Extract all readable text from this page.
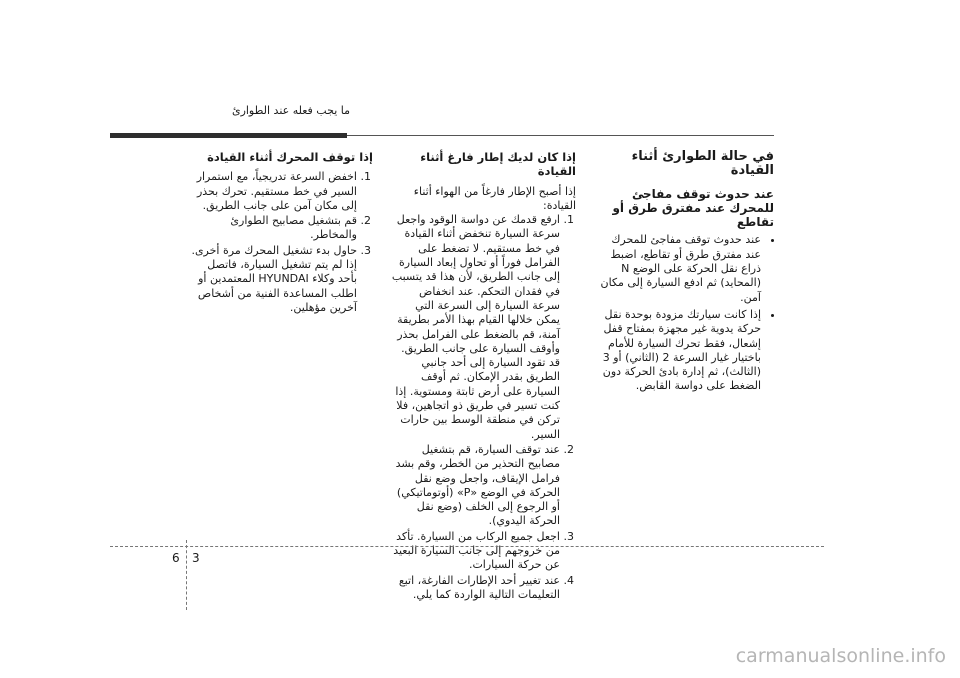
ما يجب فعله عند الطوارئ
في حالة الطوارئ أثناء القيادة
عند حدوث توقف مفاجئ للمحرك عند مفترق طرق أو تقاطع
• عند حدوث توقف مفاجئ للمحرك عند مفترق طرق أو تقاطع، اضبط ذراع نقل الحركة على الوضع N (المحايد) ثم ادفع السيارة إلى مكان آمن.
• إذا كانت سيارتك مزودة بوحدة نقل حركة يدوية غير مجهزة بمفتاح قفل إشعال، فقط تحرك السيارة للأمام باختيار غيار السرعة 2 (الثاني) أو 3 (الثالث)، ثم إدارة بادئ الحركة دون الضغط على دواسة القابض.
إذا كان لديك إطار فارغ أثناء القيادة

إذا أصبح الإطار فارغاً من الهواء أثناء القيادة:

1. ارفع قدمك عن دواسة الوقود واجعل سرعة السيارة تنخفض أثناء القيادة في خط مستقيم. لا تضغط على الفرامل فوراً أو تحاول إبعاد السيارة إلى جانب الطريق، لأن هذا قد يتسبب في فقدان التحكم. عند انخفاض سرعة السيارة إلى السرعة التي يمكن خلالها القيام بهذا الأمر بطريقة آمنة، قم بالضغط على الفرامل بحذر وأوقف السيارة على جانب الطريق. قد تقود السيارة إلى أحد جانبي الطريق بقدر الإمكان. ثم أوقف السيارة على أرض ثابتة ومستوية. إذا كنت تسير في طريق ذو اتجاهين، فلا تركن في منطقة الوسط بين حارات السير.
2. عند توقف السيارة، قم بتشغيل مصابيح التحذير من الخطر، وقم بشد فرامل الإيقاف، واجعل وضع نقل الحركة في الوضع «P» (أوتوماتيكي) أو الرجوع إلى الخلف (وضع نقل الحركة اليدوي).
3. اجعل جميع الركاب من السيارة. تأكد من خروجهم إلى جانب السيارة البعيد عن حركة السيارات.
4. عند تغيير أحد الإطارات الفارغة، اتبع التعليمات التالية الواردة كما يلي.
إذا توقف المحرك أثناء القيادة
1. اخفض السرعة تدريجياً، مع استمرار السير في خط مستقيم. تحرك بحذر إلى مكان آمن على جانب الطريق.
2. قم بتشغيل مصابيح الطوارئ والمخاطر.
3. حاول بدء تشغيل المحرك مرة أخرى. إذا لم يتم تشغيل السيارة، فاتصل بأحد وكلاء HYUNDAI المعتمدين أو اطلب المساعدة الفنية من أشخاص آخرين مؤهلين.
6 3
carmanualsonline.info
